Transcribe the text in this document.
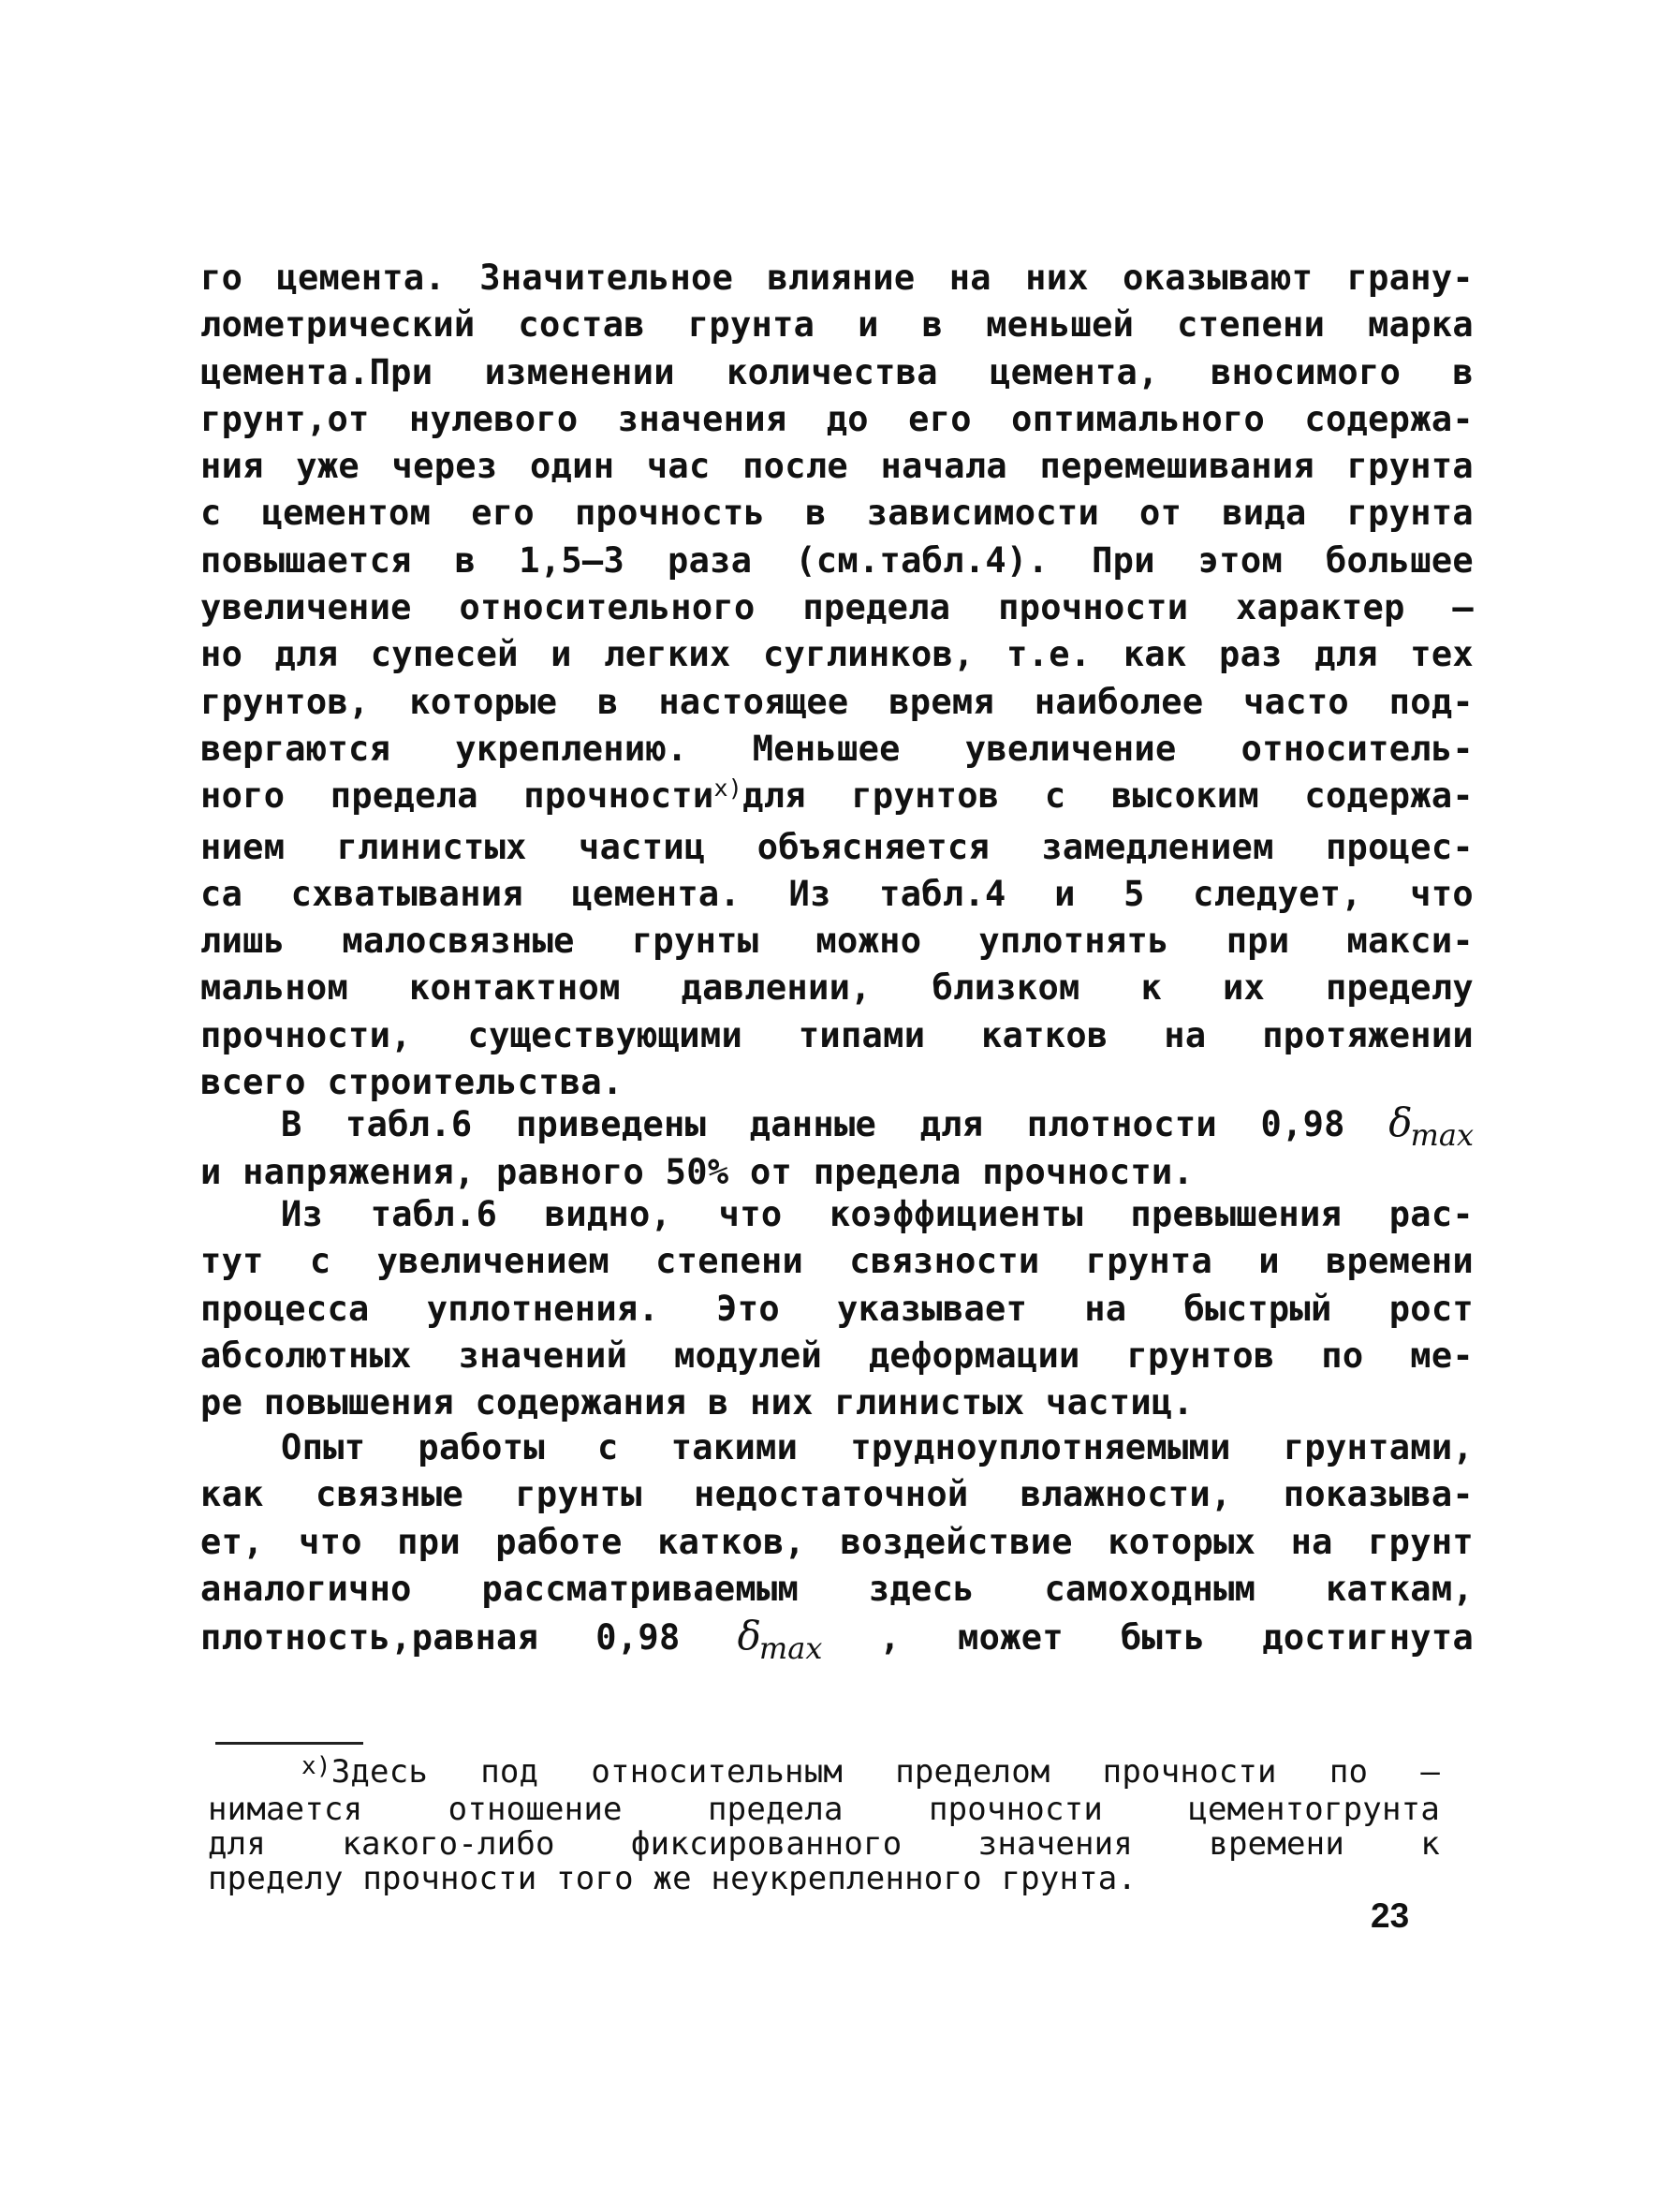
го цемента. Значительное влияние на них оказывают грану-
лометрический состав грунта и в меньшей степени марка
цемента.При изменении количества цемента, вносимого в
грунт,от нулевого значения до его оптимального содержа-
ния уже через один час после начала перемешивания грунта
с цементом его прочность в зависимости от вида грунта
повышается в 1,5–3 раза (см.табл.4). При этом большее
увеличение относительного предела прочности характер –
но для супесей и легких суглинков, т.е. как раз для тех
грунтов, которые в настоящее время наиболее часто под-
вергаются укреплению. Меньшее увеличение относитель-
ного предела прочности$^{х)}$для грунтов с высоким содержа-
нием глинистых частиц объясняется замедлением процес-
са схватывания цемента. Из табл.4 и 5 следует, что
лишь малосвязные грунты можно уплотнять при макси-
мальном контактном давлении, близком к их пределу
прочности, существующими типами катков на протяжении
всего строительства.
В табл.6 приведены данные для плотности 0,98 $\delta_{max}$
и напряжения, равного 50% от предела прочности.
Из табл.6 видно, что коэффициенты превышения рас-
тут с увеличением степени связности грунта и времени
процесса уплотнения. Это указывает на быстрый рост
абсолютных значений модулей деформации грунтов по ме-
ре повышения содержания в них глинистых частиц.
Опыт работы с такими трудноуплотняемыми грунтами,
как связные грунты недостаточной влажности, показыва-
ет, что при работе катков, воздействие которых на грунт
аналогично рассматриваемым здесь самоходным каткам,
плотность,равная 0,98 $\delta_{max}$ , может быть достигнута
$^{х)}$Здесь под относительным пределом прочности по –
нимается отношение предела прочности цементогрунта
для какого-либо фиксированного значения времени к
пределу прочности того же неукрепленного грунта.
23
